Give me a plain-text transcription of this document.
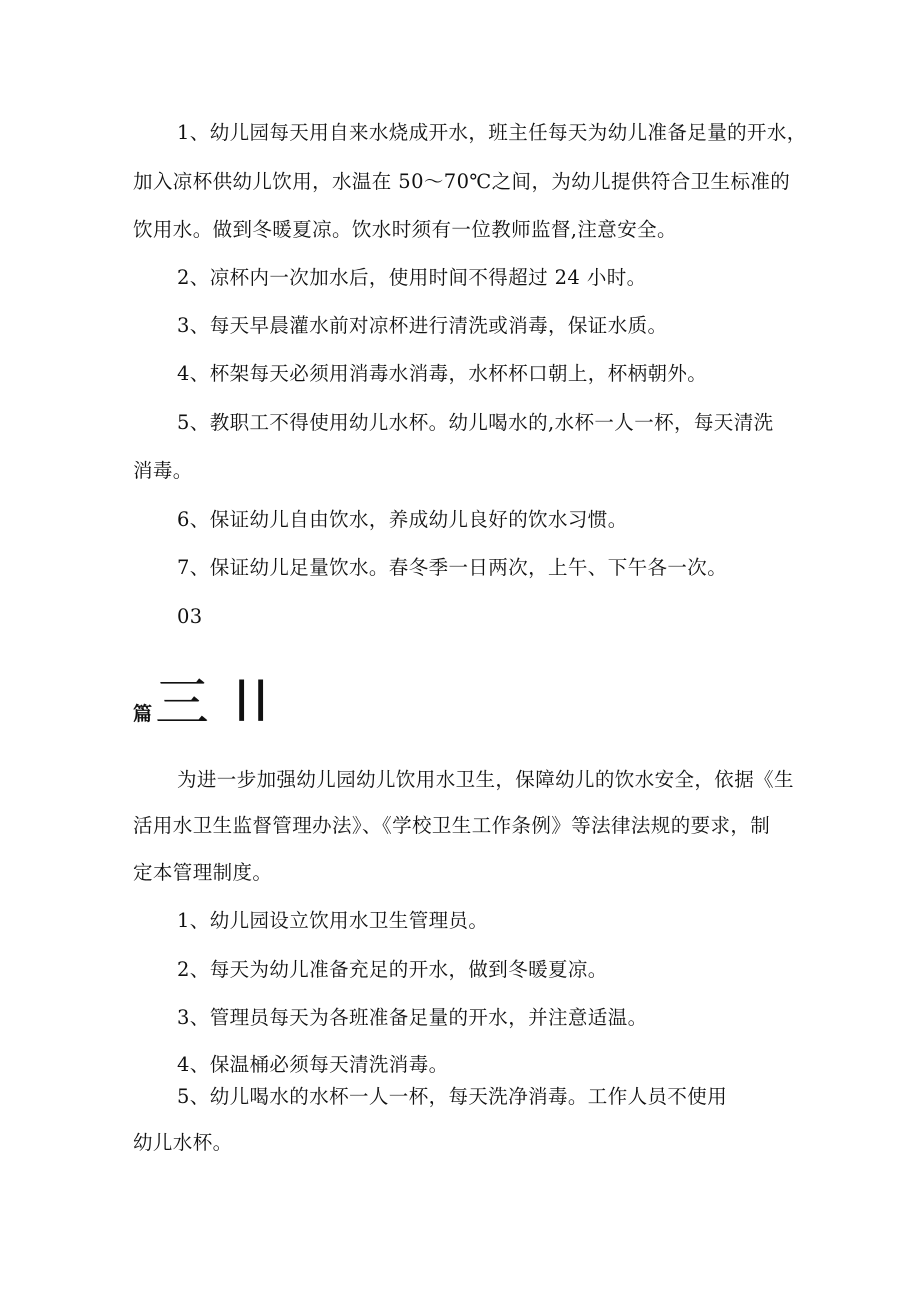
1、幼儿园每天用自来水烧成开水，班主任每天为幼儿准备足量的开水，
加入凉杯供幼儿饮用，水温在 50～70℃之间，为幼儿提供符合卫生标准的
饮用水。做到冬暖夏凉。饮水时须有一位教师监督,注意安全。
2、凉杯内一次加水后，使用时间不得超过 24 小时。
3、每天早晨灌水前对凉杯进行清洗或消毒，保证水质。
4、杯架每天必须用消毒水消毒，水杯杯口朝上，杯柄朝外。
5、教职工不得使用幼儿水杯。幼儿喝水的,水杯一人一杯，每天清洗
消毒。
6、保证幼儿自由饮水，养成幼儿良好的饮水习惯。
7、保证幼儿足量饮水。春冬季一日两次，上午、下午各一次。
03
篇 三 ll
为进一步加强幼儿园幼儿饮用水卫生，保障幼儿的饮水安全，依据《生
活用水卫生监督管理办法》、《学校卫生工作条例》等法律法规的要求，制
定本管理制度。
1、幼儿园设立饮用水卫生管理员。
2、每天为幼儿准备充足的开水，做到冬暖夏凉。
3、管理员每天为各班准备足量的开水，并注意适温。
4、保温桶必须每天清洗消毒。
5、幼儿喝水的水杯一人一杯，每天洗净消毒。工作人员不使用
幼儿水杯。
